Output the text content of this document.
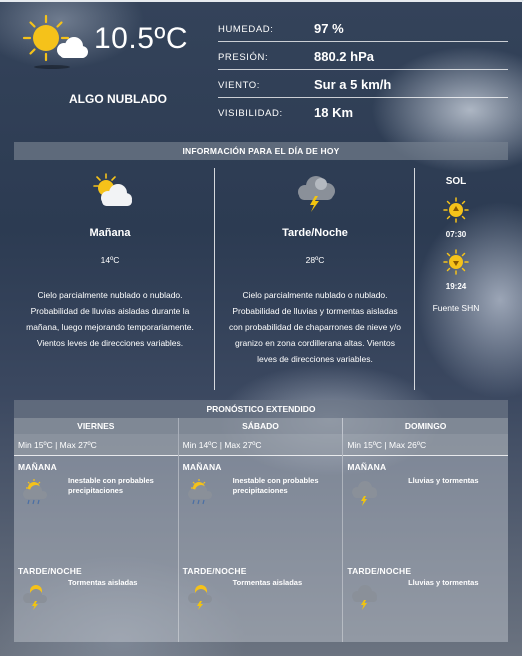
10.5ºC
ALGO NUBLADO
HUMEDAD:	97 %
PRESIÓN:	880.2 hPa
VIENTO:	Sur a 5 km/h
VISIBILIDAD: 18 Km
INFORMACIÓN PARA EL DÍA DE HOY
Mañana
14ºC
Cielo parcialmente nublado o nublado. Probabilidad de lluvias aisladas durante la mañana, luego mejorando temporariamente. Vientos leves de direcciones variables.
Tarde/Noche
28ºC
Cielo parcialmente nublado o nublado. Probabilidad de lluvias y tormentas aisladas con probabilidad de chaparrones de nieve y/o granizo en zona cordillerana altas. Vientos leves de direcciones variables.
SOL
07:30
19:24
Fuente SHN
PRONÓSTICO EXTENDIDO
VIERNES
Min 15ºC | Max 27ºC
MAÑANA
Inestable con probables precipitaciones
TARDE/NOCHE
Tormentas aisladas
SÁBADO
Min 14ºC | Max 27ºC
MAÑANA
Inestable con probables precipitaciones
TARDE/NOCHE
Tormentas aisladas
DOMINGO
Min 15ºC | Max 26ºC
MAÑANA
Lluvias y tormentas
TARDE/NOCHE
Lluvias y tormentas
